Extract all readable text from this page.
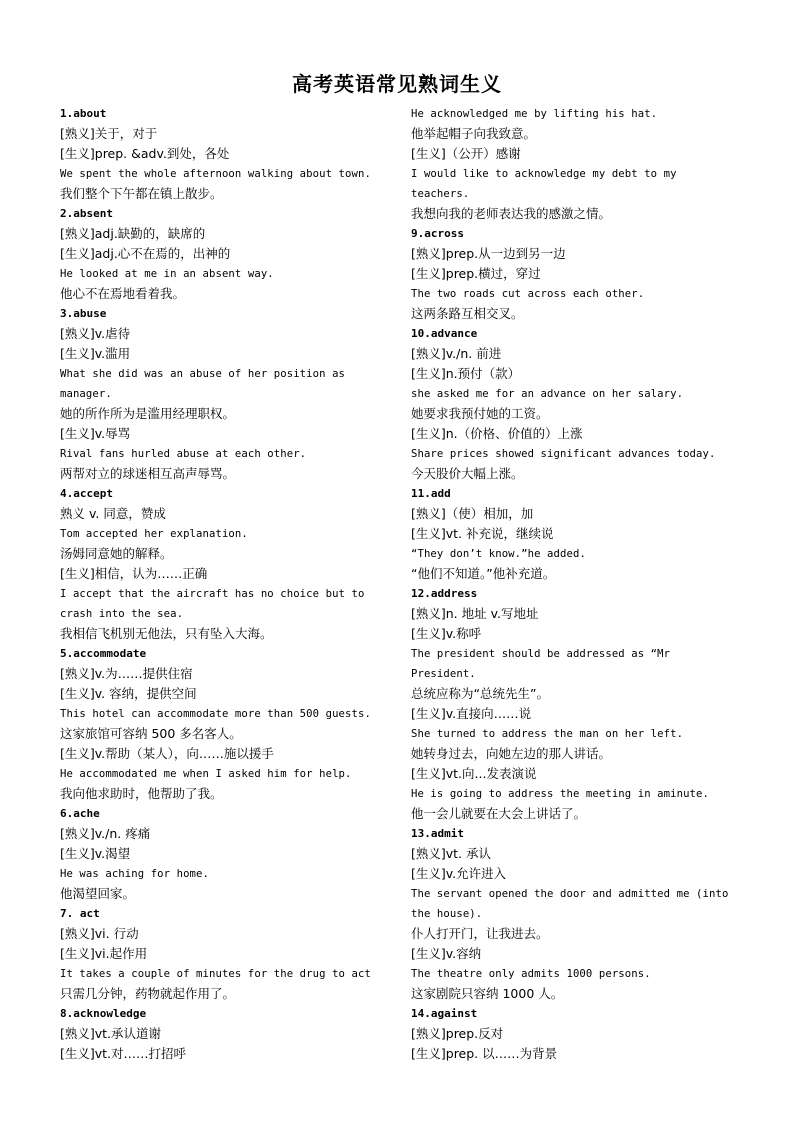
高考英语常见熟词生义
1.about
[熟义]关于，对于
[生义]prep. &adv.到处，各处
We spent the whole afternoon walking about town.
我们整个下午都在镇上散步。
2.absent
[熟义]adj.缺勤的，缺席的
[生义]adj.心不在焉的，出神的
He looked at me in an absent way.
他心不在焉地看着我。
3.abuse
[熟义]v.虐待
[生义]v.滥用
What she did was an abuse of her position as
manager.
她的所作所为是滥用经理职权。
[生义]v.辱骂
Rival fans hurled abuse at each other.
两帮对立的球迷相互高声辱骂。
4.accept
熟义 v. 同意，赞成
Tom accepted her explanation.
汤姆同意她的解释。
[生义]相信，认为……正确
I accept that the aircraft has no choice but to
crash into the sea.
我相信飞机别无他法，只有坠入大海。
5.accommodate
[熟义]v.为……提供住宿
[生义]v. 容纳，提供空间
This hotel can accommodate more than 500 guests.
这家旅馆可容纳 500 多名客人。
[生义]v.帮助（某人），向……施以援手
He accommodated me when I asked him for help.
我向他求助时，他帮助了我。
6.ache
[熟义]v./n. 疼痛
[生义]v.渴望
He was aching for home.
他渴望回家。
7. act
[熟义]vi. 行动
[生义]vi.起作用
It takes a couple of minutes for the drug to act
只需几分钟，药物就起作用了。
8.acknowledge
[熟义]vt.承认道谢
[生义]vt.对……打招呼
He acknowledged me by lifting his hat.
他举起帽子向我致意。
[生义]（公开）感谢
I would like to acknowledge my debt to my
teachers.
我想向我的老师表达我的感激之情。
9.across
[熟义]prep.从一边到另一边
[生义]prep.横过，穿过
The two roads cut across each other.
这两条路互相交叉。
10.advance
[熟义]v./n. 前进
[生义]n.预付（款）
she asked me for an advance on her salary.
她要求我预付她的工资。
[生义]n.（价格、价值的）上涨
Share prices showed significant advances today.
今天股价大幅上涨。
11.add
[熟义]（使）相加，加
[生义]vt. 补充说，继续说
“They don’t know.”he added.
“他们不知道。”他补充道。
12.address
[熟义]n. 地址 v.写地址
[生义]v.称呼
The president should be addressed as “Mr
President.
总统应称为“总统先生”。
[生义]v.直接向……说
She turned to address the man on her left.
她转身过去，向她左边的那人讲话。
[生义]vt.向...发表演说
He is going to address the meeting in aminute.
他一会儿就要在大会上讲话了。
13.admit
[熟义]vt. 承认
[生义]v.允许进入
The servant opened the door and admitted me (into
the house).
仆人打开门，让我进去。
[生义]v.容纳
The theatre only admits 1000 persons.
这家剧院只容纳 1000 人。
14.against
[熟义]prep.反对
[生义]prep. 以……为背景
